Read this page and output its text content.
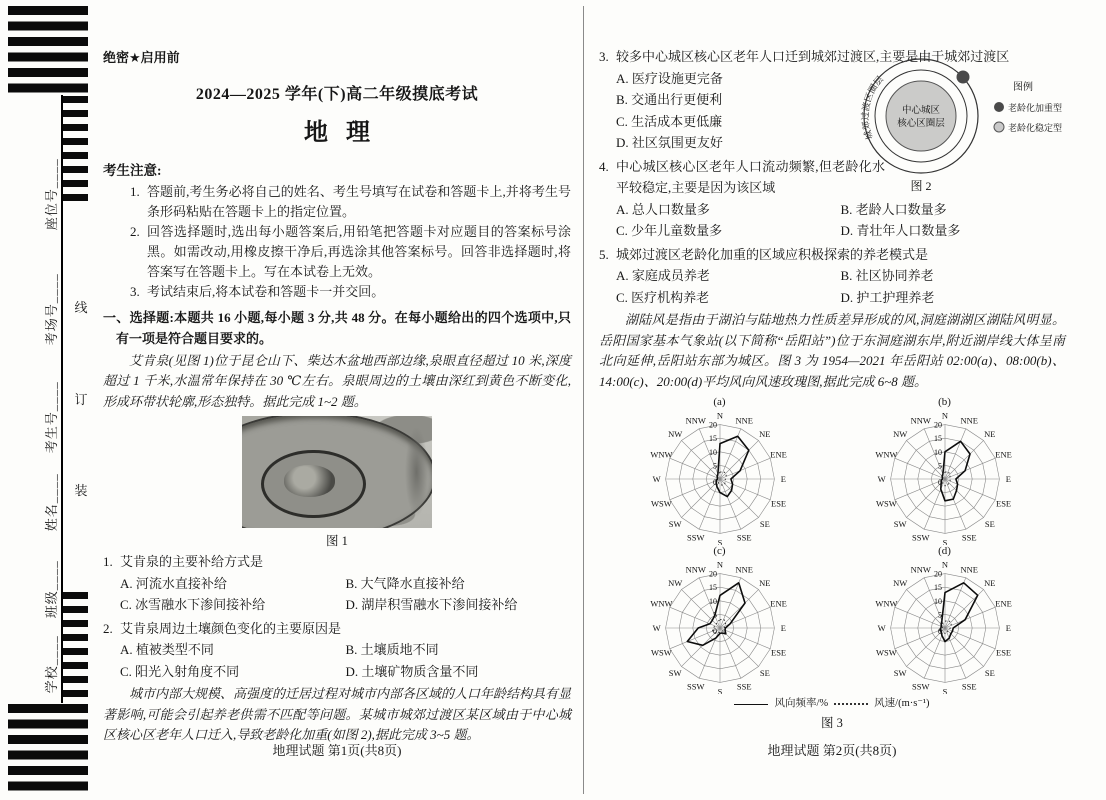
线
订
装
座位号____
考场号____
考生号____
姓名____
班级____
学校____
绝密★启用前
2024—2025 学年(下)高二年级摸底考试
地理
考生注意:
1. 答题前,考生务必将自己的姓名、考生号填写在试卷和答题卡上,并将考生号条形码粘贴在答题卡上的指定位置。
2. 回答选择题时,选出每小题答案后,用铅笔把答题卡对应题目的答案标号涂黑。如需改动,用橡皮擦干净后,再选涂其他答案标号。回答非选择题时,将答案写在答题卡上。写在本试卷上无效。
3. 考试结束后,将本试卷和答题卡一并交回。
一、选择题:本题共 16 小题,每小题 3 分,共 48 分。在每小题给出的四个选项中,只有一项是符合题目要求的。
艾肯泉(见图 1)位于昆仑山下、柴达木盆地西部边缘,泉眼直径超过 10 米,深度超过 1 千米,水温常年保持在 30 ℃左右。泉眼周边的土壤由深红到黄色不断变化,形成环带状轮廓,形态独特。据此完成 1~2 题。
图 1
1. 艾肯泉的主要补给方式是
A. 河流水直接补给	B. 大气降水直接补给
C. 冰雪融水下渗间接补给	D. 湖岸积雪融水下渗间接补给
2. 艾肯泉周边土壤颜色变化的主要原因是
A. 植被类型不同	B. 土壤质地不同
C. 阳光入射角度不同	D. 土壤矿物质含量不同
城市内部大规模、高强度的迁居过程对城市内部各区域的人口年龄结构具有显著影响,可能会引起养老供需不匹配等问题。某城市城郊过渡区某区域由于中心城区核心区老年人口迁入,导致老龄化加重(如图 2),据此完成 3~5 题。
地理试题 第1页(共8页)
3. 较多中心城区核心区老年人口迁到城郊过渡区,主要是由于城郊过渡区
A. 医疗设施更完备
B. 交通出行更便利
C. 生活成本更低廉
D. 社区氛围更友好
4. 中心城区核心区老年人口流动频繁,但老龄化水平较稳定,主要是因为该区域
A. 总人口数量多	B. 老龄人口数量多
C. 少年儿童数量多	D. 青壮年人口数量多
5. 城郊过渡区老龄化加重的区域应积极探索的养老模式是
A. 家庭成员养老	B. 社区协同养老
C. 医疗机构养老	D. 护工护理养老
湖陆风是指由于湖泊与陆地热力性质差异形成的风,洞庭湖湖区湖陆风明显。岳阳国家基本气象站(以下简称“岳阳站”)位于东洞庭湖东岸,附近湖岸线大体呈南北向延伸,岳阳站东部为城区。图 3 为 1954—2021 年岳阳站 02:00(a)、08:00(b)、14:00(c)、20:00(d)平均风向风速玫瑰图,据此完成 6~8 题。
城郊过渡区圈层
中心城区
核心区圈层
图例
老龄化加重型
老龄化稳定型
图 2
(a)
N NNE
NE
ENE
E
ESE
SE
SSE
S
SSW
SW
WSW
W
WNW
NW
NNW
0
5
10
15
20
(b)
N NNE
NE
ENE
E
ESE
SE
SSE
S
SSW
SW
WSW
W
WNW
NW
NNW
0
5
10
15
20
(c)
N NNE
NE
ENE
E
ESE
SE
SSE
S
SSW
SW
WSW
W
WNW
NW
NNW
0
5
10
15
20
(d)
N NNE
NE
ENE
E
ESE
SE
SSE
S
SSW
SW
WSW
W
WNW
NW
NNW
0
5
10
15
20
风向频率/%	风速/(m·s⁻¹)
图 3
地理试题 第2页(共8页)
